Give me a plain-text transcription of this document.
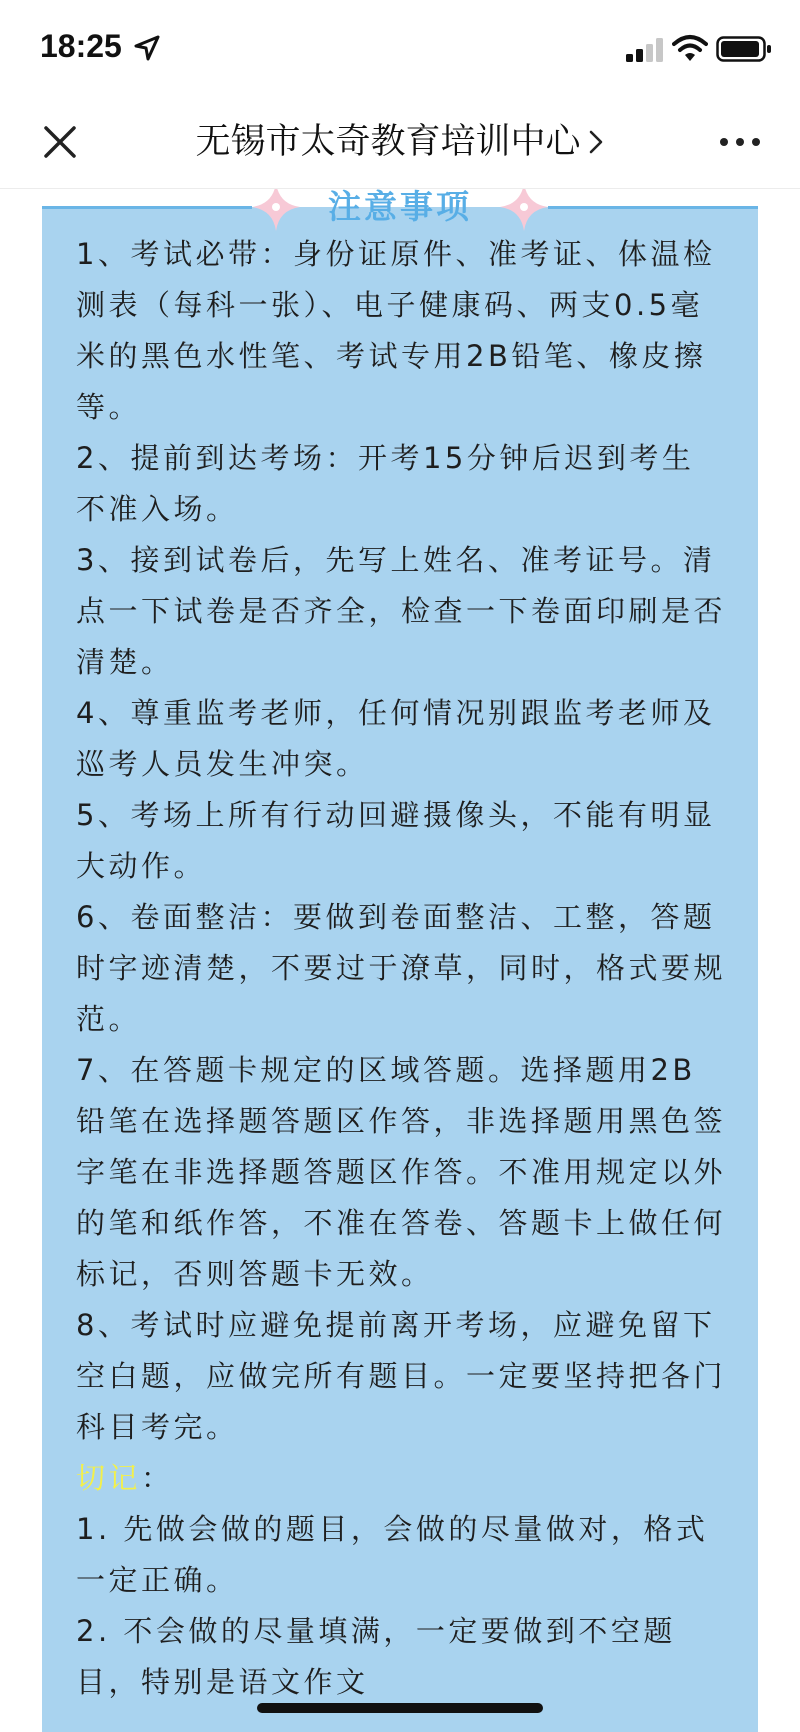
18:25
无锡市太奇教育培训中心
注意事项

1、考试必带：身份证原件、准考证、体温检测表（每科一张）、电子健康码、两支0.5毫米的黑色水性笔、考试专用2B铅笔、橡皮擦等。

2、提前到达考场：开考15分钟后迟到考生不准入场。

3、接到试卷后，先写上姓名、准考证号。清点一下试卷是否齐全，检查一下卷面印刷是否清楚。

4、尊重监考老师，任何情况别跟监考老师及巡考人员发生冲突。

5、考场上所有行动回避摄像头，不能有明显大动作。

6、卷面整洁：要做到卷面整洁、工整，答题时字迹清楚，不要过于潦草，同时，格式要规范。

7、在答题卡规定的区域答题。选择题用2B铅笔在选择题答题区作答，非选择题用黑色签字笔在非选择题答题区作答。不准用规定以外的笔和纸作答，不准在答卷、答题卡上做任何标记，否则答题卡无效。

8、考试时应避免提前离开考场，应避免留下空白题，应做完所有题目。一定要坚持把各门科目考完。

切记：

1. 先做会做的题目，会做的尽量做对，格式一定正确。

2. 不会做的尽量填满，一定要做到不空题目，特别是语文作文
